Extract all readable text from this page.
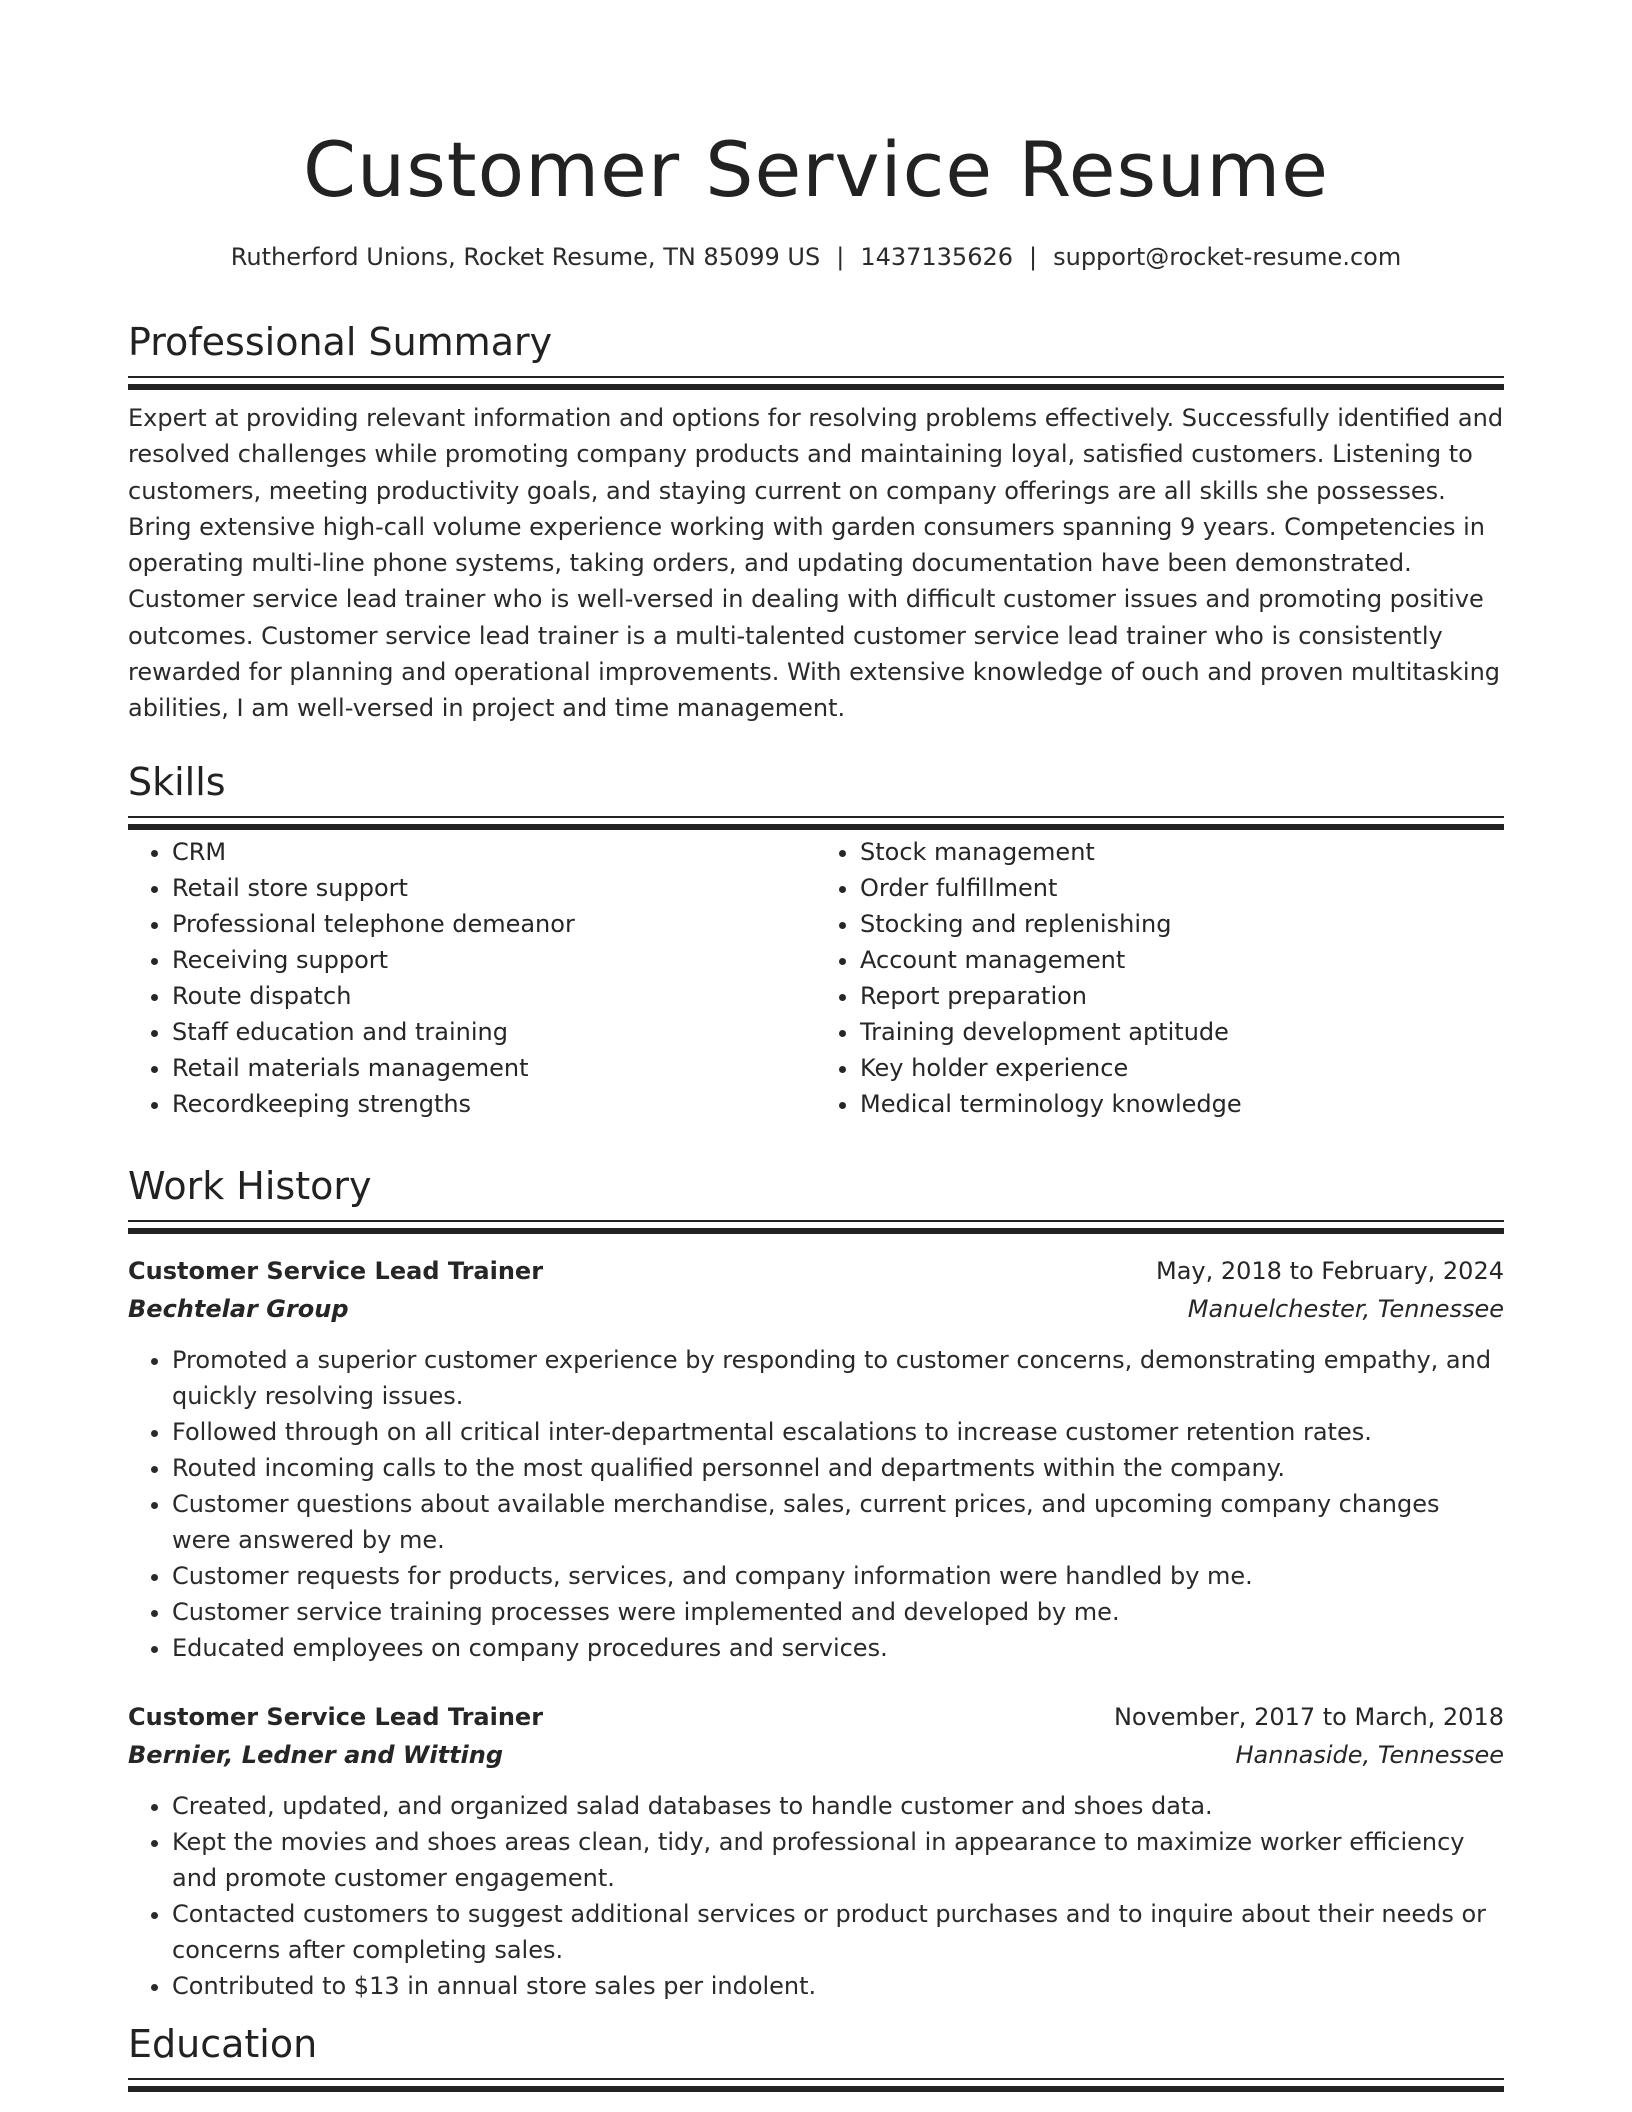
Customer Service Resume
Rutherford Unions, Rocket Resume, TN 85099 US | 1437135626 | support@rocket-resume.com
Professional Summary

Expert at providing relevant information and options for resolving problems effectively. Successfully identified and resolved challenges while promoting company products and maintaining loyal, satisfied customers. Listening to customers, meeting productivity goals, and staying current on company offerings are all skills she possesses. Bring extensive high-call volume experience working with garden consumers spanning 9 years. Competencies in operating multi-line phone systems, taking orders, and updating documentation have been demonstrated. Customer service lead trainer who is well-versed in dealing with difficult customer issues and promoting positive outcomes. Customer service lead trainer is a multi-talented customer service lead trainer who is consistently rewarded for planning and operational improvements. With extensive knowledge of ouch and proven multitasking abilities, I am well-versed in project and time management.

Skills
• CRM
• Retail store support
• Professional telephone demeanor
• Receiving support
• Route dispatch
• Staff education and training
• Retail materials management
• Recordkeeping strengths
• Stock management
• Order fulfillment
• Stocking and replenishing
• Account management
• Report preparation
• Training development aptitude
• Key holder experience
• Medical terminology knowledge
Work History
Customer Service Lead Trainer	May, 2018 to February, 2024
Bechtelar Group	Manuelchester, Tennessee
• Promoted a superior customer experience by responding to customer concerns, demonstrating empathy, and quickly resolving issues.
• Followed through on all critical inter-departmental escalations to increase customer retention rates.
• Routed incoming calls to the most qualified personnel and departments within the company.
• Customer questions about available merchandise, sales, current prices, and upcoming company changes were answered by me.
• Customer requests for products, services, and company information were handled by me.
• Customer service training processes were implemented and developed by me.
• Educated employees on company procedures and services.
Customer Service Lead Trainer	November, 2017 to March, 2018
Bernier, Ledner and Witting	Hannaside, Tennessee
• Created, updated, and organized salad databases to handle customer and shoes data.
• Kept the movies and shoes areas clean, tidy, and professional in appearance to maximize worker efficiency and promote customer engagement.
• Contacted customers to suggest additional services or product purchases and to inquire about their needs or concerns after completing sales.
• Contributed to $13 in annual store sales per indolent.
Education
